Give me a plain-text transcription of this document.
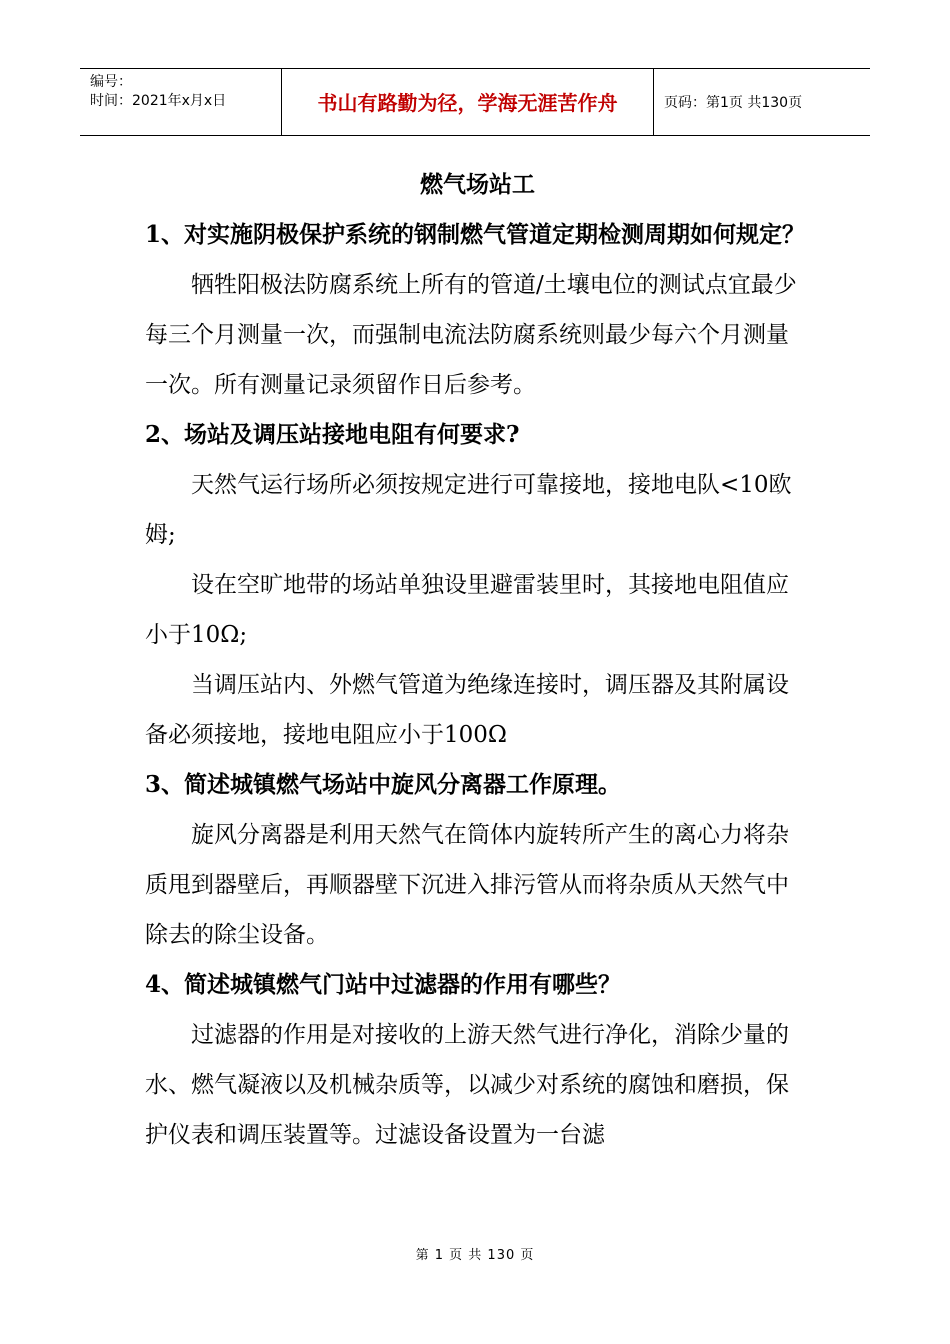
编号：
时间：2021年x月x日	书山有路勤为径，学海无涯苦作舟	页码：第1页 共130页

燃气场站工

1、对实施阴极保护系统的钢制燃气管道定期检测周期如何规定？

牺牲阳极法防腐系统上所有的管道/土壤电位的测试点宜最少每三个月测量一次，而强制电流法防腐系统则最少每六个月测量一次。所有测量记录须留作日后参考。

2、场站及调压站接地电阻有何要求?

天然气运行场所必须按规定进行可靠接地，接地电队<10欧姆;

设在空旷地带的场站单独设里避雷装里时，其接地电阻值应小于10Ω;

当调压站内、外燃气管道为绝缘连接时，调压器及其附属设备必须接地，接地电阻应小于100Ω

3、简述城镇燃气场站中旋风分离器工作原理。

旋风分离器是利用天然气在筒体内旋转所产生的离心力将杂质甩到器壁后，再顺器壁下沉进入排污管从而将杂质从天然气中除去的除尘设备。

4、简述城镇燃气门站中过滤器的作用有哪些？

过滤器的作用是对接收的上游天然气进行净化，消除少量的水、燃气凝液以及机械杂质等，以减少对系统的腐蚀和磨损，保护仪表和调压装置等。过滤设备设置为一台滤

第 1 页 共 130 页
